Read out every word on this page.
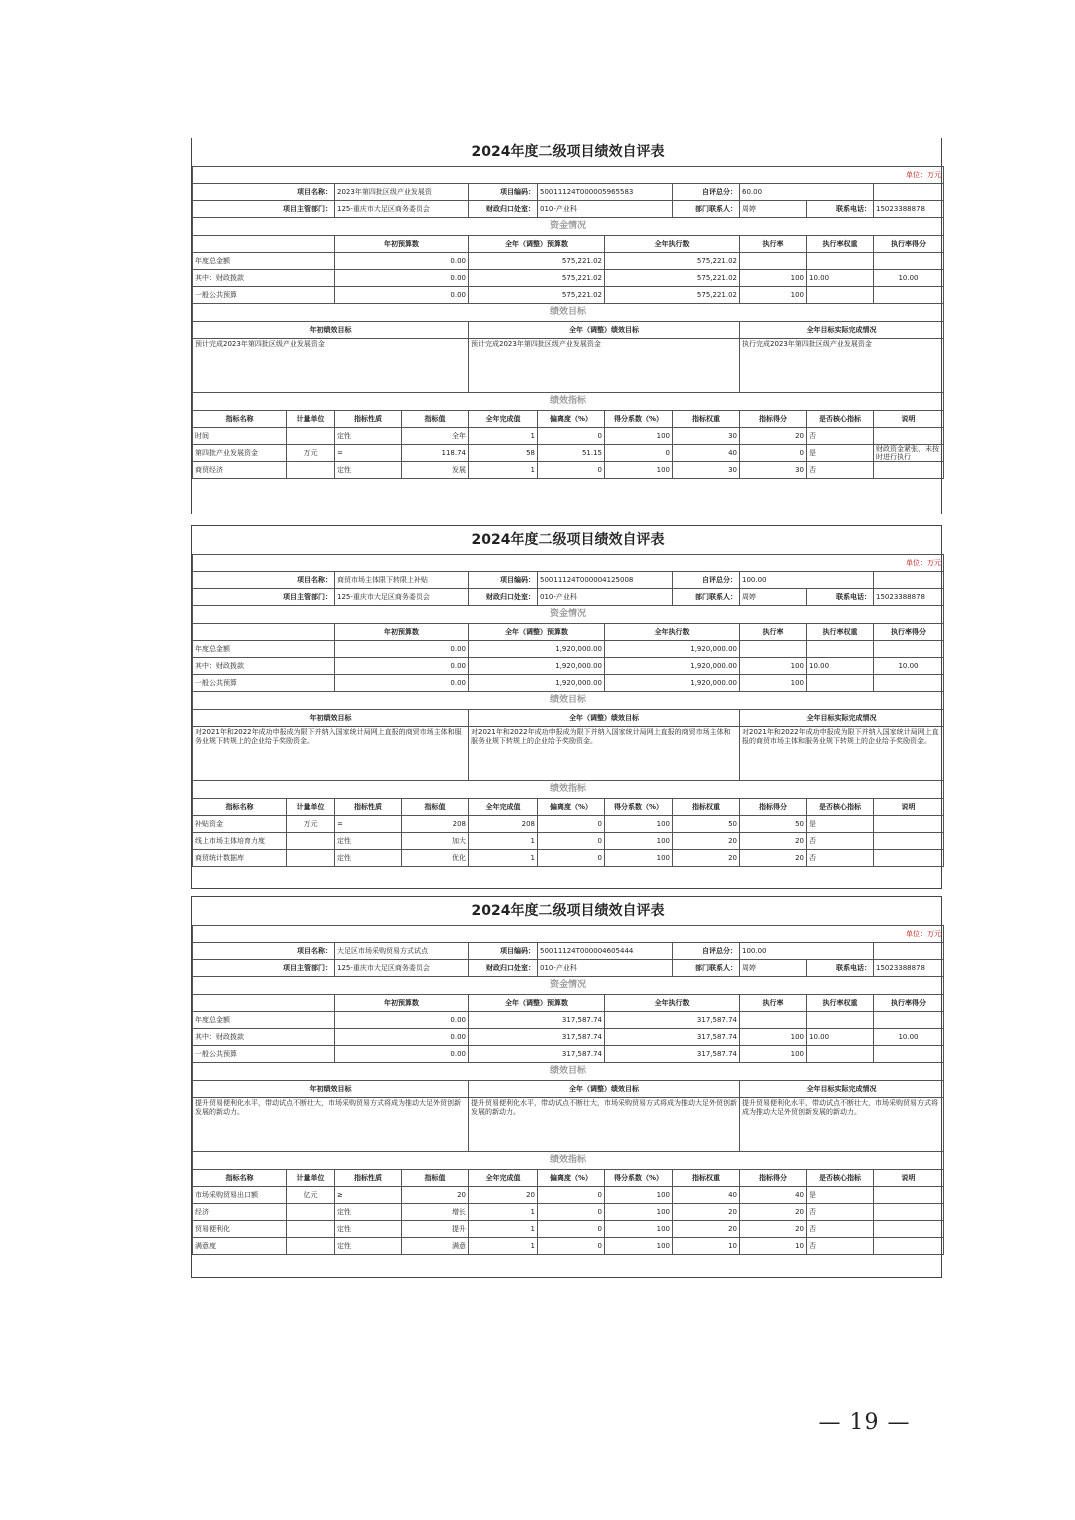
2024年度二级项目绩效自评表
单位：万元
项目名称：	2023年第四批区级产业发展资	项目编码：	50011124T000005965583	自评总分：	60.00	
项目主管部门：	125-重庆市大足区商务委员会	财政归口处室：	010-产业科	部门联系人：	周婷	联系电话：	15023388878
资金情况
	年初预算数	全年（调整）预算数	全年执行数	执行率	执行率权重	执行率得分
年度总金额	0.00	575,221.02	575,221.02			
其中：财政拨款	0.00	575,221.02	575,221.02	100	10.00	10.00
一般公共预算	0.00	575,221.02	575,221.02	100		
绩效目标
年初绩效目标	全年（调整）绩效目标	全年目标实际完成情况
预计完成2023年第四批区级产业发展资金	预计完成2023年第四批区级产业发展资金	执行完成2023年第四批区级产业发展资金
绩效指标
指标名称	计量单位	指标性质	指标值	全年完成值	偏离度（%）	得分系数（%）	指标权重	指标得分	是否核心指标	说明
时间		定性	全年	1	0	100	30	20	否	
第四批产业发展资金	万元	=	118.74	58	51.15	0	40	0	是	财政资金紧张，未按时进行执行
商贸经济		定性	发展	1	0	100	30	30	否	
2024年度二级项目绩效自评表
单位：万元
项目名称：	商贸市场主体限下转限上补贴	项目编码：	50011124T000004125008	自评总分：	100.00	
项目主管部门：	125-重庆市大足区商务委员会	财政归口处室：	010-产业科	部门联系人：	周婷	联系电话：	15023388878
资金情况
	年初预算数	全年（调整）预算数	全年执行数	执行率	执行率权重	执行率得分
年度总金额	0.00	1,920,000.00	1,920,000.00			
其中：财政拨款	0.00	1,920,000.00	1,920,000.00	100	10.00	10.00
一般公共预算	0.00	1,920,000.00	1,920,000.00	100		
绩效目标
年初绩效目标	全年（调整）绩效目标	全年目标实际完成情况
对2021年和2022年成功申报成为限下并纳入国家统计局网上直报的商贸市场主体和服务业规下转规上的企业给予奖励资金。	对2021年和2022年成功申报成为限下并纳入国家统计局网上直报的商贸市场主体和服务业规下转规上的企业给予奖励资金。	对2021年和2022年成功申报成为限下并纳入国家统计局网上直报的商贸市场主体和服务业规下转规上的企业给予奖励资金。
绩效指标
指标名称	计量单位	指标性质	指标值	全年完成值	偏离度（%）	得分系数（%）	指标权重	指标得分	是否核心指标	说明
补贴资金	万元	=	208	208	0	100	50	50	是	
线上市场主体培育力度		定性	加大	1	0	100	20	20	否	
商贸统计数据库		定性	优化	1	0	100	20	20	否	
2024年度二级项目绩效自评表
单位：万元
项目名称：	大足区市场采购贸易方式试点	项目编码：	50011124T000004605444	自评总分：	100.00	
项目主管部门：	125-重庆市大足区商务委员会	财政归口处室：	010-产业科	部门联系人：	周婷	联系电话：	15023388878
资金情况
	年初预算数	全年（调整）预算数	全年执行数	执行率	执行率权重	执行率得分
年度总金额	0.00	317,587.74	317,587.74			
其中：财政拨款	0.00	317,587.74	317,587.74	100	10.00	10.00
一般公共预算	0.00	317,587.74	317,587.74	100		
绩效目标
年初绩效目标	全年（调整）绩效目标	全年目标实际完成情况
提升贸易便利化水平，带动试点不断壮大，市场采购贸易方式将成为推动大足外贸创新发展的新动力。	提升贸易便利化水平，带动试点不断壮大，市场采购贸易方式将成为推动大足外贸创新发展的新动力。	提升贸易便利化水平，带动试点不断壮大，市场采购贸易方式将成为推动大足外贸创新发展的新动力。
绩效指标
指标名称	计量单位	指标性质	指标值	全年完成值	偏离度（%）	得分系数（%）	指标权重	指标得分	是否核心指标	说明
市场采购贸易出口额	亿元	≥	20	20	0	100	40	40	是	
经济		定性	增长	1	0	100	20	20	否	
贸易便利化		定性	提升	1	0	100	20	20	否	
满意度		定性	满意	1	0	100	10	10	否	
— 19 —
